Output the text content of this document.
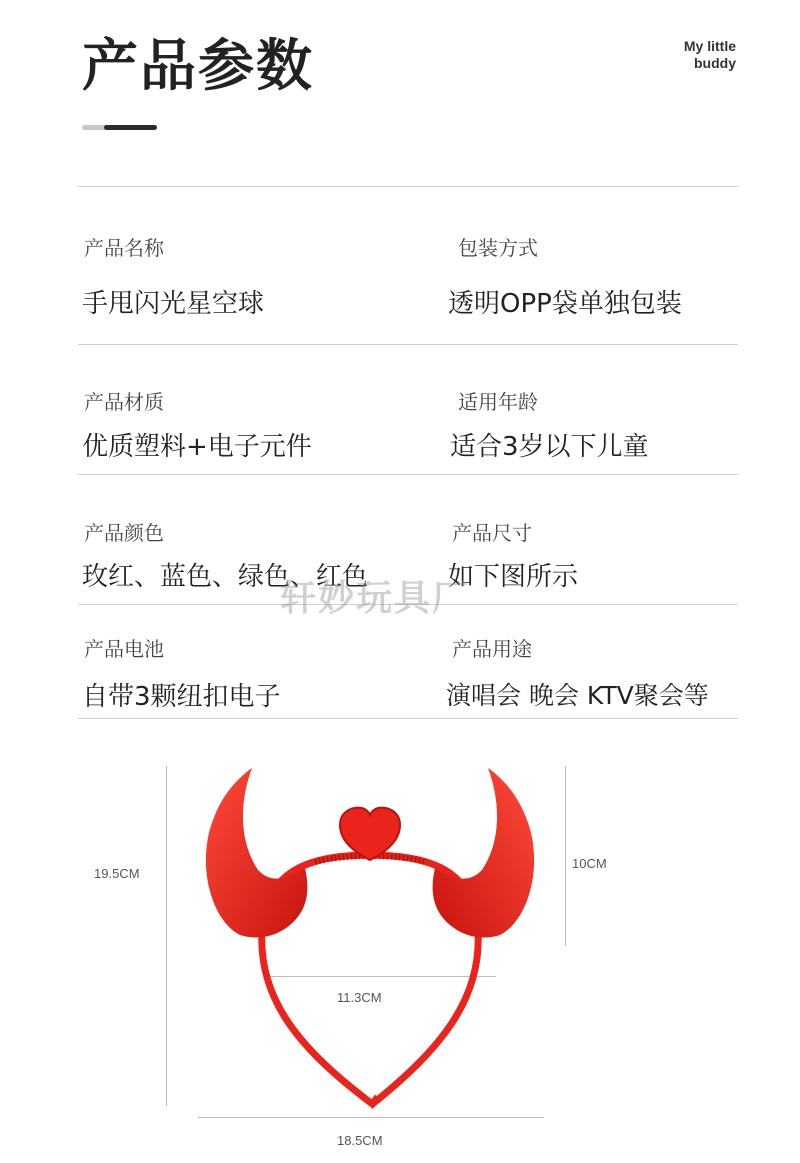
产品参数	My little
buddy
产品名称
手甩闪光星空球
包装方式
透明OPP袋单独包装
产品材质
优质塑料+电子元件
适用年龄
适合3岁以下儿童
产品颜色
玫红、蓝色、绿色、红色
产品尺寸
如下图所示
产品电池
自带3颗纽扣电子
产品用途
演唱会 晚会 KTV聚会等
轩妙玩具厂
19.5CM
10CM
11.3CM
18.5CM
